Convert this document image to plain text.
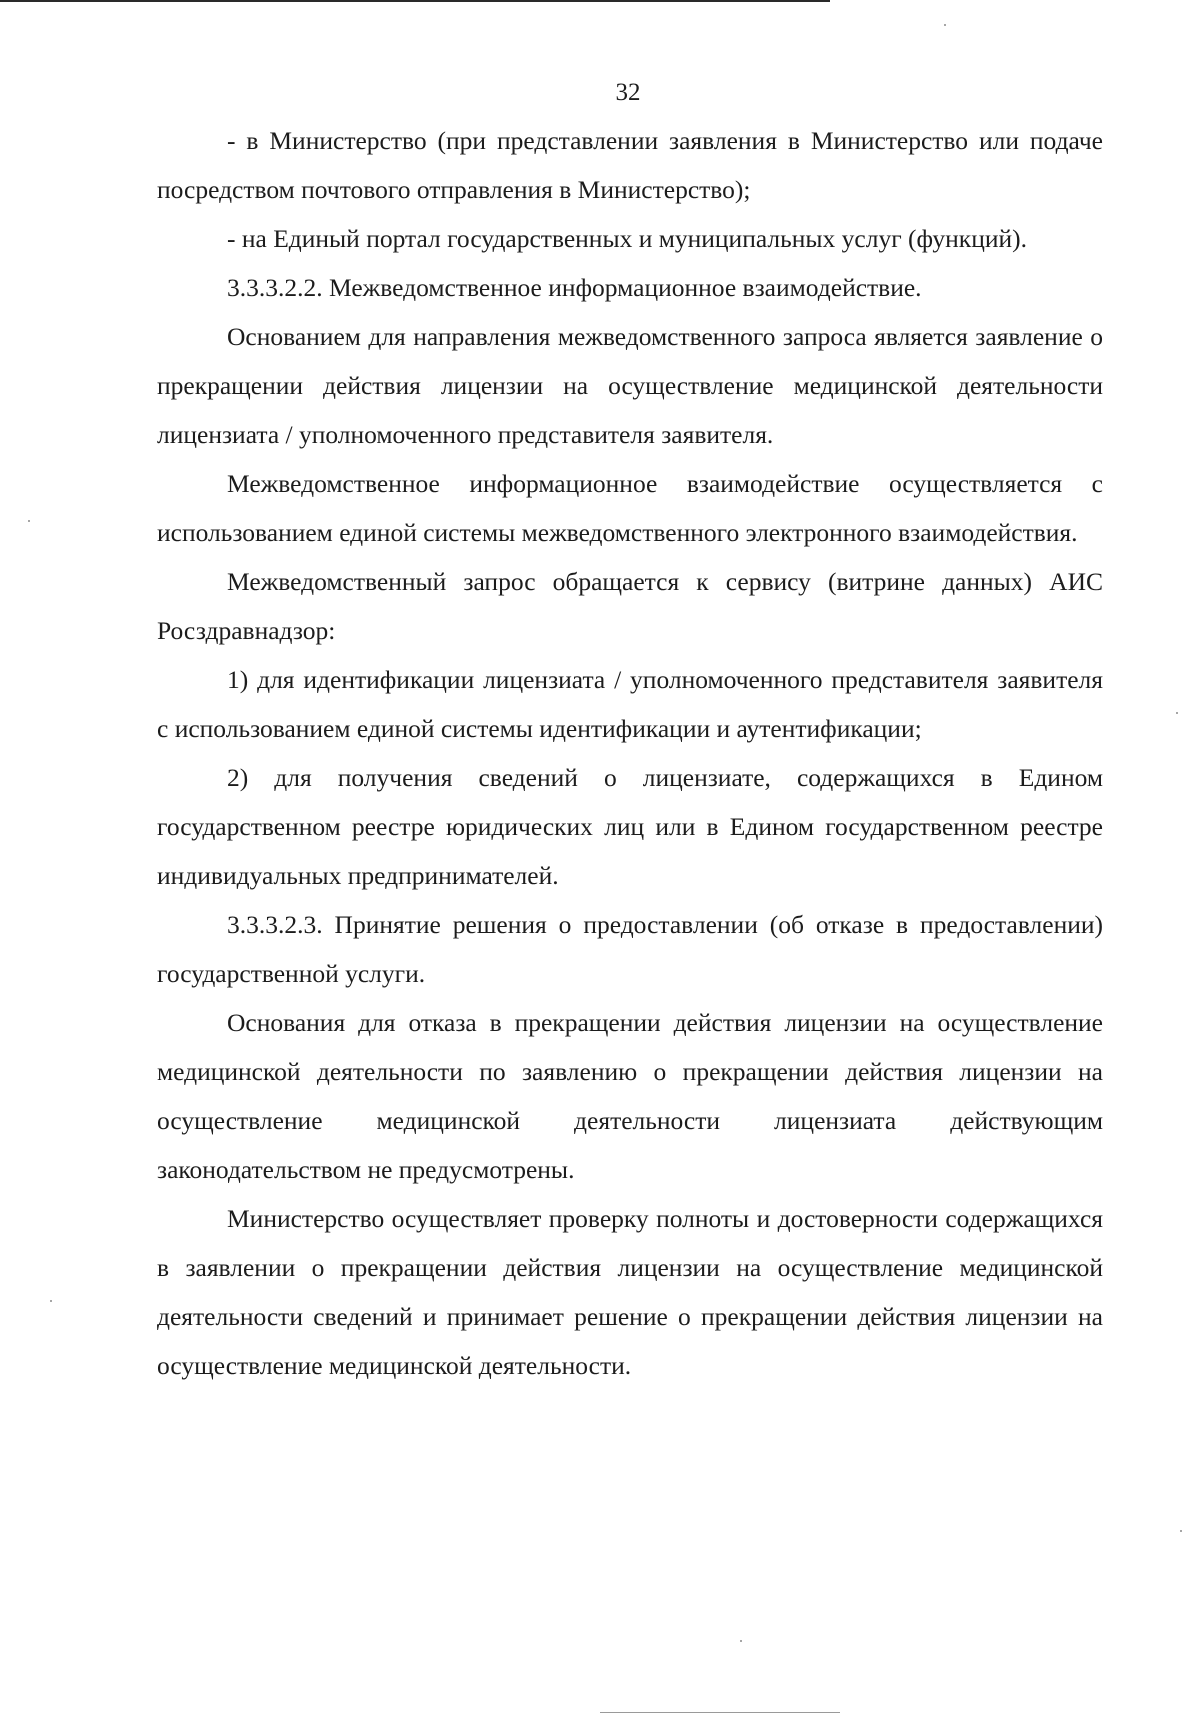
32

- в Министерство (при представлении заявления в Министерство или подаче посредством почтового отправления в Министерство);

- на Единый портал государственных и муниципальных услуг (функций).

3.3.3.2.2. Межведомственное информационное взаимодействие.

Основанием для направления межведомственного запроса является заявление о прекращении действия лицензии на осуществление медицинской деятельности лицензиата / уполномоченного представителя заявителя.

Межведомственное информационное взаимодействие осуществляется с использованием единой системы межведомственного электронного взаимодействия.

Межведомственный запрос обращается к сервису (витрине данных) АИС Росздравнадзор:

1) для идентификации лицензиата / уполномоченного представителя заявителя с использованием единой системы идентификации и аутентификации;

2) для получения сведений о лицензиате, содержащихся в Едином государственном реестре юридических лиц или в Едином государственном реестре индивидуальных предпринимателей.

3.3.3.2.3. Принятие решения о предоставлении (об отказе в предоставлении) государственной услуги.

Основания для отказа в прекращении действия лицензии на осуществление медицинской деятельности по заявлению о прекращении действия лицензии на осуществление медицинской деятельности лицензиата действующим законодательством не предусмотрены.

Министерство осуществляет проверку полноты и достоверности содержащихся в заявлении о прекращении действия лицензии на осуществление медицинской деятельности сведений и принимает решение о прекращении действия лицензии на осуществление медицинской деятельности.
